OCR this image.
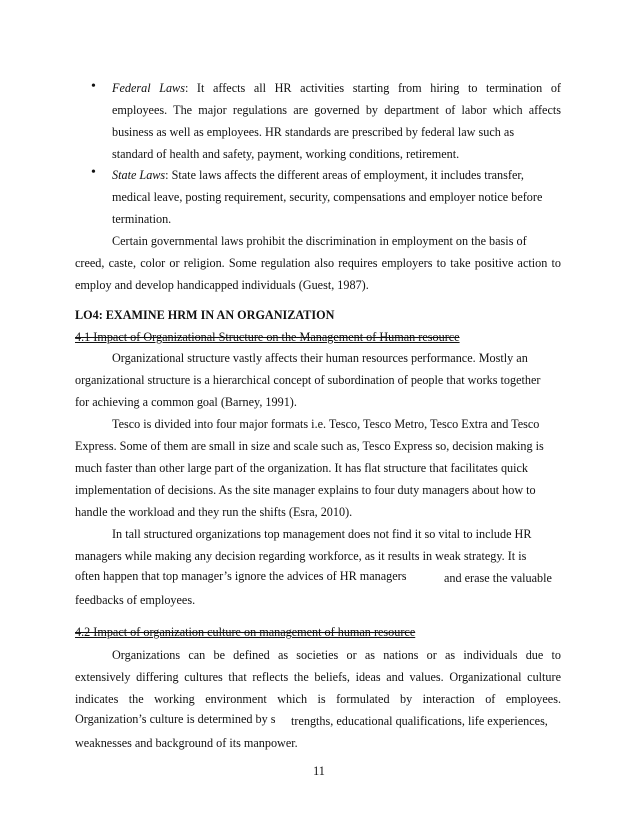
• Federal Laws: It affects all HR activities starting from hiring to termination of
employees. The major regulations are governed by department of labor which affects
business as well as employees. HR standards are prescribed by federal law such as
standard of health and safety, payment, working conditions, retirement.
• State Laws: State laws affects the different areas of employment, it includes transfer,
medical leave, posting requirement, security, compensations and employer notice before
termination.
Certain governmental laws prohibit the discrimination in employment on the basis of
creed, caste, color or religion. Some regulation also requires employers to take positive action to
employ and develop handicapped individuals (Guest, 1987).
LO4: EXAMINE HRM IN AN ORGANIZATION
4.1 Impact of Organizational Structure on the Management of Human resource
Organizational structure vastly affects their human resources performance. Mostly an
organizational structure is a hierarchical concept of subordination of people that works together
for achieving a common goal (Barney, 1991).
Tesco is divided into four major formats i.e. Tesco, Tesco Metro, Tesco Extra and Tesco
Express. Some of them are small in size and scale such as, Tesco Express so, decision making is
much faster than other large part of the organization. It has flat structure that facilitates quick
implementation of decisions. As the site manager explains to four duty managers about how to
handle the workload and they run the shifts (Esra, 2010).
In tall structured organizations top management does not find it so vital to include HR
managers while making any decision regarding workforce, as it results in weak strategy. It is
often happen that top manager’s ignore the advices of HR managers	and erase the valuable
feedbacks of employees.
4.2 Impact of organization culture on management of human resource
Organizations can be defined as societies or as nations or as individuals due to
extensively differing cultures that reflects the beliefs, ideas and values. Organizational culture
indicates the working environment which is formulated by interaction of employees.
Organization’s culture is determined by s trengths, educational qualifications, life experiences,
weaknesses and background of its manpower.
11
